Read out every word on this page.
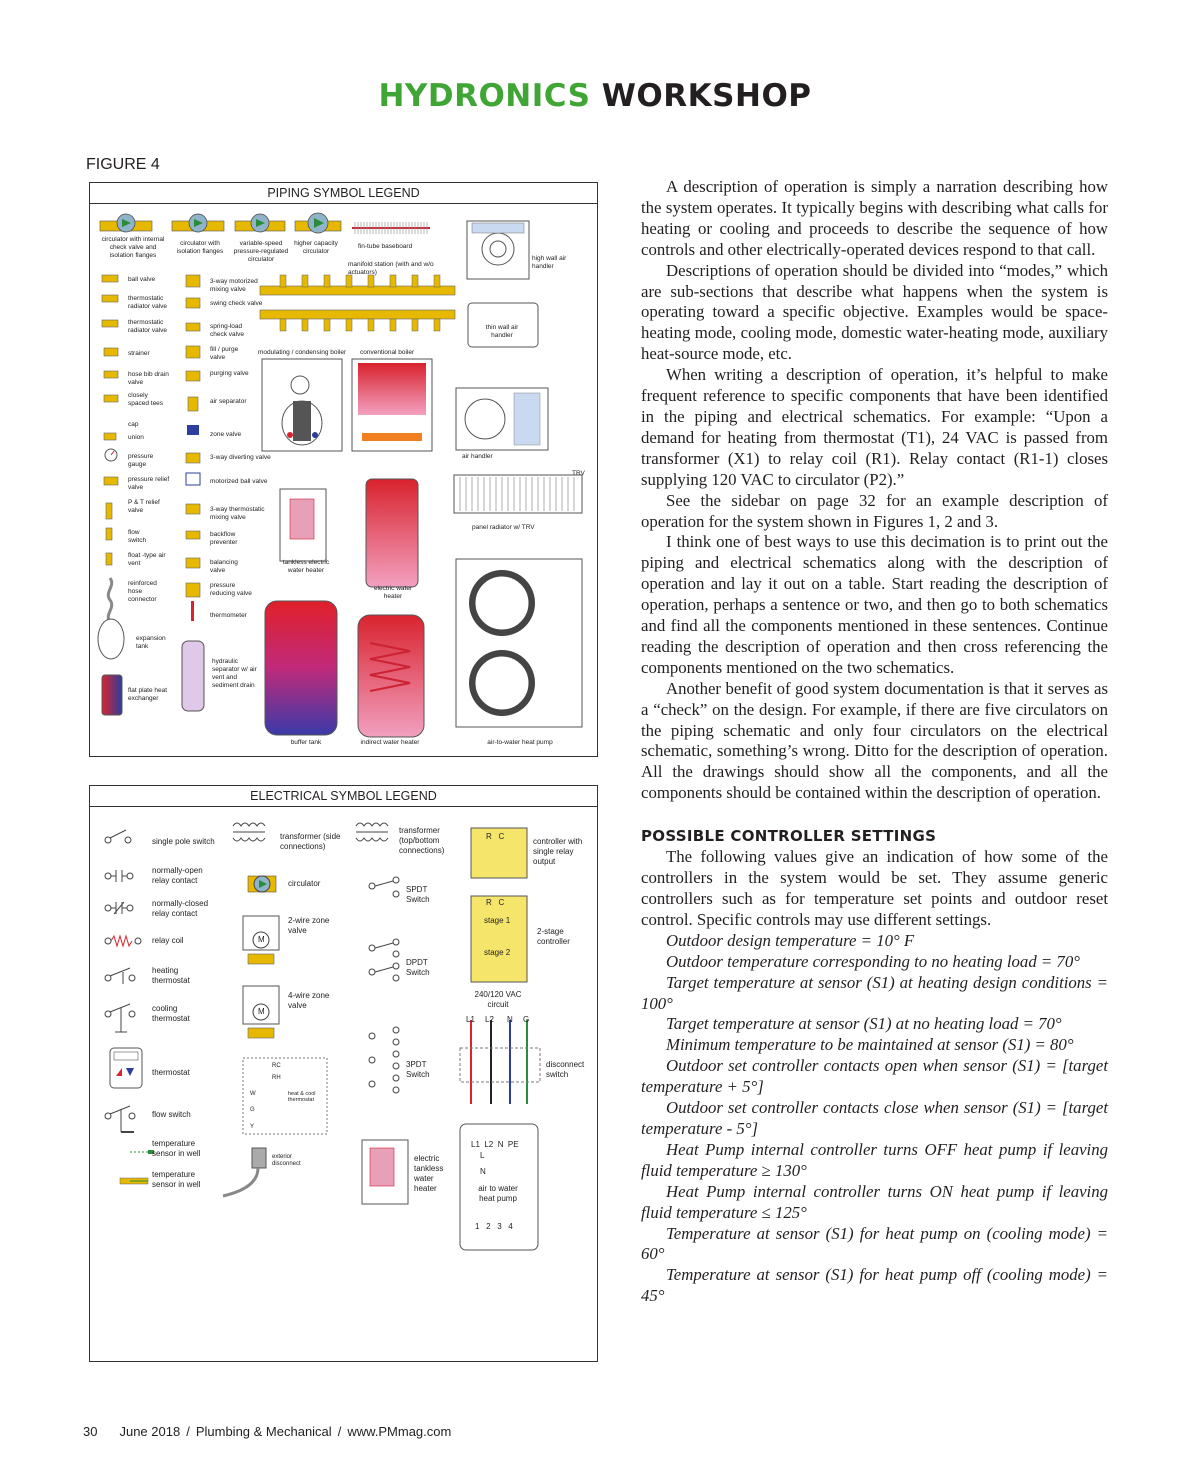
HYDRONICS WORKSHOP
FIGURE 4
PIPING SYMBOL LEGEND
circulator with internal check valve and isolation flanges
circulator with isolation flanges
variable-speed pressure-regulated circulator
higher capacity circulator
fin-tube baseboard
manifold station (with and w/o actuators)
high wall air handler
ball valve	3-way motorized mixing valve
thermostatic radiator valve	swing check valve
thermostatic radiator valve
spring-load check valve
thin wall air handler
strainer
fill / purge valve
modulating / condensing boiler	conventional boiler
hose bib drain valve
purging valve
closely spaced tees	air separator
cap
union	zone valve
pressure gauge
3-way diverting valve	air handler
pressure relief valve
motorized ball valve
TRV
P & T relief valve	3-way thermostatic mixing valve
panel radiator w/ TRV
flow switch
backflow preventer
float -type air vent	balancing valve
tankless electric water heater
reinforced hose connector
pressure reducing valve
electric water heater
thermometer
expansion tank
hydraulic separator w/ air vent and sediment drain
flat plate heat exchanger
buffer tank	indirect water heater	air-to-water heat pump
ELECTRICAL SYMBOL LEGEND
single pole switch
transformer (side connections)
transformer (top/bottom connections)
controller with single relay output
normally-open relay contact	circulator
SPDT Switch
normally-closed relay contact
2-wire zone valve	2-stage controller
relay coil
DPDT Switch
heating thermostat
240/120 VAC circuit
cooling thermostat
4-wire zone valve
thermostat
3PDT Switch
disconnect switch
heat & cool thermostat
flow switch
temperature sensor in well	exterior disconnect
electric tankless water heater	air to water heat pump
temperature sensor in well
R   C
R   C
stage 1
stage 2
L1 L2 N G
RC
RH
W
G
Y
L1  L2  N  PE
L
N
1   2   3   4
M
M

A description of operation is simply a narration describing how the system operates. It typically begins with describing what calls for heating or cooling and proceeds to describe the sequence of how controls and other electrically-operated devices respond to that call.

Descriptions of operation should be divided into “modes,” which are sub-sections that describe what happens when the system is operating toward a specific objective. Examples would be space-heating mode, cooling mode, domestic water-heating mode, auxiliary heat-source mode, etc.

When writing a description of operation, it’s helpful to make frequent reference to specific components that have been identified in the piping and electrical schematics. For example: “Upon a demand for heating from thermostat (T1), 24 VAC is passed from transformer (X1) to relay coil (R1). Relay contact (R1-1) closes supplying 120 VAC to circulator (P2).”

See the sidebar on page 32 for an example description of operation for the system shown in Figures 1, 2 and 3.

I think one of best ways to use this decimation is to print out the piping and electrical schematics along with the description of operation and lay it out on a table. Start reading the description of operation, perhaps a sentence or two, and then go to both schematics and find all the components mentioned in these sentences. Continue reading the description of operation and then cross referencing the components mentioned on the two schematics.

Another benefit of good system documentation is that it serves as a “check” on the design. For example, if there are five circulators on the piping schematic and only four circulators on the electrical schematic, something’s wrong. Ditto for the description of operation. All the drawings should show all the components, and all the components should be contained within the description of operation.

POSSIBLE CONTROLLER SETTINGS

The following values give an indication of how some of the controllers in the system would be set. They assume generic controllers such as for temperature set points and outdoor reset control. Specific controls may use different settings.

Outdoor design temperature = 10° F

Outdoor temperature corresponding to no heating load = 70°

Target temperature at sensor (S1) at heating design conditions = 100°

Target temperature at sensor (S1) at no heating load = 70°

Minimum temperature to be maintained at sensor (S1) = 80°

Outdoor set controller contacts open when sensor (S1) = [target temperature + 5°]

Outdoor set controller contacts close when sensor (S1) = [target temperature - 5°]

Heat Pump internal controller turns OFF heat pump if leaving fluid temperature ≥ 130°

Heat Pump internal controller turns ON heat pump if leaving fluid temperature ≤ 125°

Temperature at sensor (S1) for heat pump on (cooling mode) = 60°

Temperature at sensor (S1) for heat pump off (cooling mode) = 45°

30 June 2018 / Plumbing & Mechanical / www.PMmag.com
